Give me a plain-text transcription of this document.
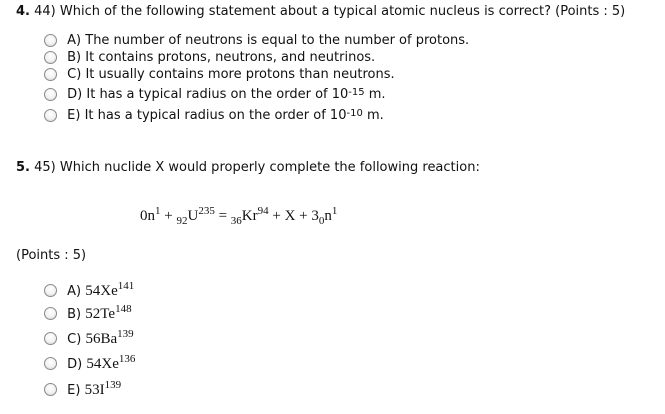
4. 44) Which of the following statement about a typical atomic nucleus is correct? (Points : 5)
A) The number of neutrons is equal to the number of protons.
B) It contains protons, neutrons, and neutrinos.
C) It usually contains more protons than neutrons.
D) It has a typical radius on the order of $10^{-15}$ m.
E) It has a typical radius on the order of $10^{-10}$ m.
5. 45) Which nuclide X would properly complete the following reaction:
$0n^1 + _{92}U^{235} = _{36}Kr^{94} + X + 3_0n^1$
(Points : 5)
A) 54Xe$^{141}$
B) 52Te$^{148}$
C) 56Ba$^{139}$
D) 54Xe$^{136}$
E) $53I^{139}$
